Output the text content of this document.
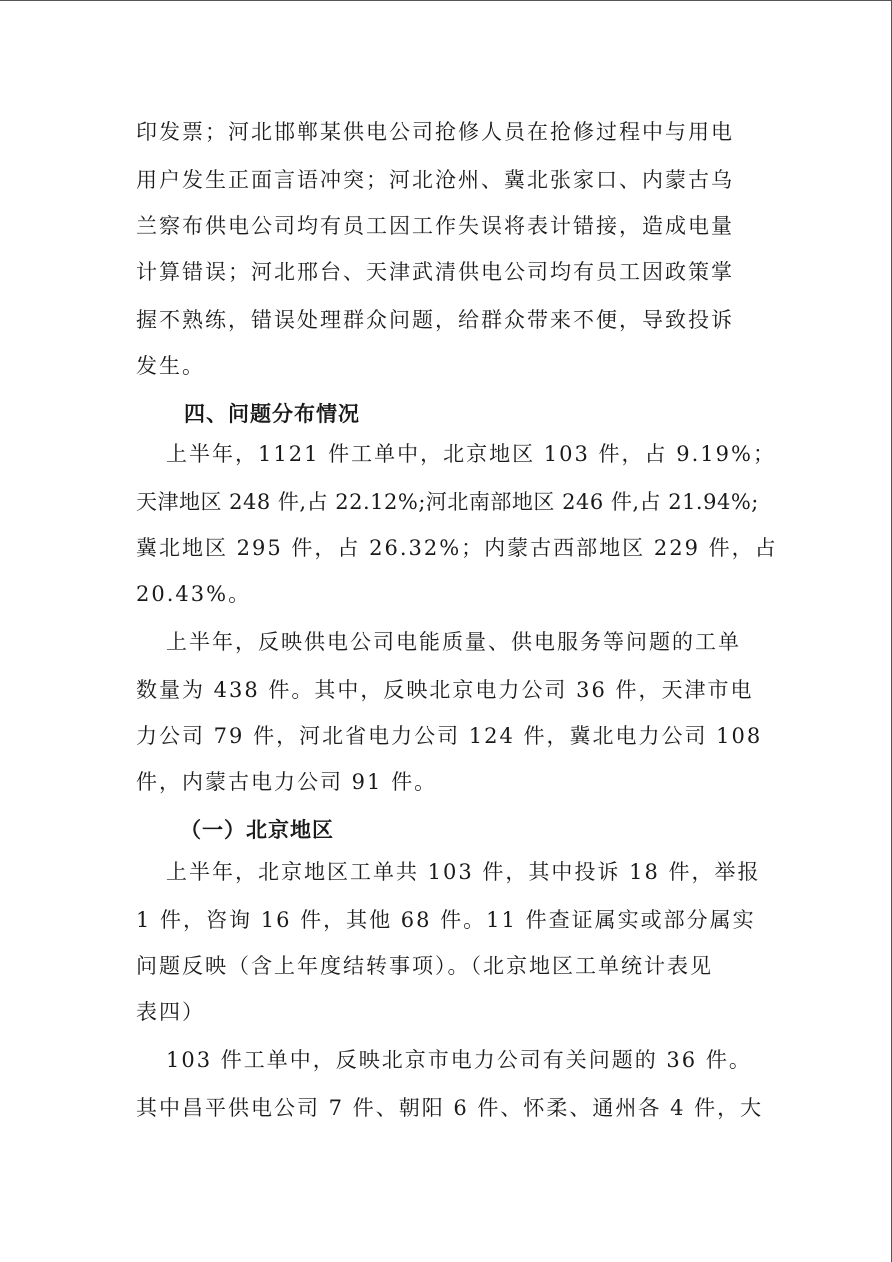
印发票；河北邯郸某供电公司抢修人员在抢修过程中与用电
用户发生正面言语冲突；河北沧州、冀北张家口、内蒙古乌
兰察布供电公司均有员工因工作失误将表计错接，造成电量
计算错误；河北邢台、天津武清供电公司均有员工因政策掌
握不熟练，错误处理群众问题，给群众带来不便，导致投诉
发生。
四、问题分布情况
上半年，1121 件工单中，北京地区 103 件，占 9.19%；
天津地区 248 件,占 22.12%;河北南部地区 246 件,占 21.94%;
冀北地区 295 件，占 26.32%；内蒙古西部地区 229 件，占
20.43%。
上半年，反映供电公司电能质量、供电服务等问题的工单
数量为 438 件。其中，反映北京电力公司 36 件，天津市电
力公司 79 件，河北省电力公司 124 件，冀北电力公司 108
件，内蒙古电力公司 91 件。
（一）北京地区
上半年，北京地区工单共 103 件，其中投诉 18 件，举报
1 件，咨询 16 件，其他 68 件。11 件查证属实或部分属实
问题反映（含上年度结转事项）。（北京地区工单统计表见
表四）
103 件工单中，反映北京市电力公司有关问题的 36 件。
其中昌平供电公司 7 件、朝阳 6 件、怀柔、通州各 4 件，大
